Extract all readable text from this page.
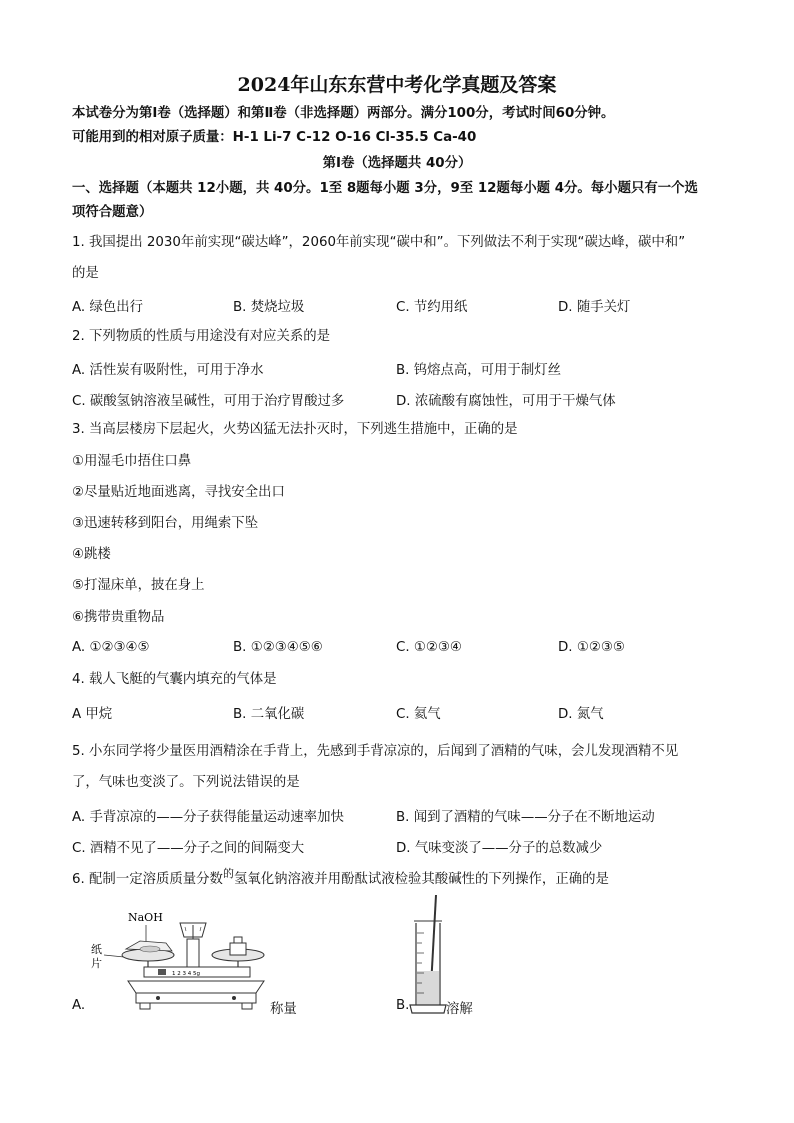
2024年山东东营中考化学真题及答案
本试卷分为第Ⅰ卷（选择题）和第Ⅱ卷（非选择题）两部分。满分100分，考试时间60分钟。
可能用到的相对原子质量：H-1 Li-7 C-12 O-16 Cl-35.5 Ca-40
第Ⅰ卷（选择题共 40分）
一、选择题（本题共 12小题，共 40分。1至 8题每小题 3分，9至 12题每小题 4分。每小题只有一个选
项符合题意）
1. 我国提出 2030年前实现“碳达峰”，2060年前实现“碳中和”。下列做法不利于实现“碳达峰，碳中和”
的是
A. 绿色出行	B. 焚烧垃圾	C. 节约用纸	D. 随手关灯
2. 下列物质的性质与用途没有对应关系的是
A. 活性炭有吸附性，可用于净水	B. 钨熔点高，可用于制灯丝
C. 碳酸氢钠溶液呈碱性，可用于治疗胃酸过多	D. 浓硫酸有腐蚀性，可用于干燥气体
3. 当高层楼房下层起火，火势凶猛无法扑灭时，下列逃生措施中，正确的是
①用湿毛巾捂住口鼻
②尽量贴近地面逃离，寻找安全出口
③迅速转移到阳台，用绳索下坠
④跳楼
⑤打湿床单，披在身上
⑥携带贵重物品
A. ①②③④⑤	B. ①②③④⑤⑥	C. ①②③④	D. ①②③⑤
4. 载人飞艇的气囊内填充的气体是
A 甲烷	B. 二氧化碳	C. 氦气	D. 氮气
5. 小东同学将少量医用酒精涂在手背上，先感到手背凉凉的，后闻到了酒精的气味，会儿发现酒精不见
了，气味也变淡了。下列说法错误的是
A. 手背凉凉的——分子获得能量运动速率加快	B. 闻到了酒精的气味——分子在不断地运动
C. 酒精不见了——分子之间的间隔变大	D. 气味变淡了——分子的总数减少
6. 配制一定溶质质量分数$^的$氢氧化钠溶液并用酚酞试液检验其酸碱性的下列操作，正确的是
A.
NaOH
纸
片
1 2 3 4 5g
称量	B.	溶解
